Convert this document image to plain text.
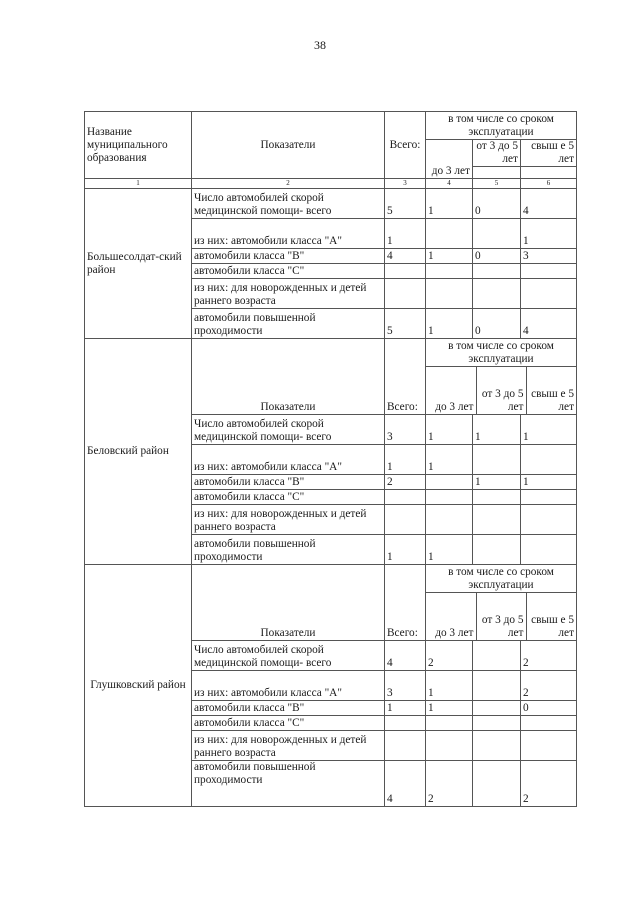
38
Название муниципального образования	Показатели	Всего:	в том числе со сроком эксплуатации
до 3 лет	от 3 до 5 лет	свыш е 5 лет

1	2	3	4	5	6
Большесолдат-ский район	Число автомобилей скорой медицинской помощи- всего	5	1	0	4
из них: автомобили класса "А"	1			1
автомобили класса "В"	4	1	0	3
автомобили класса "С"				
из них: для новорожденных и детей раннего возраста				
автомобили повышенной проходимости	5	1	0	4

Беловский район	Показатели	Всего:	
в том числе со сроком эксплуатации
до 3 лет	от 3 до 5 лет	свыш е 5 лет

Число автомобилей скорой медицинской помощи- всего	3	1	1	1
из них: автомобили класса "А"	1	1		
автомобили класса "В"	2		1	1
автомобили класса "С"				
из них: для новорожденных и детей раннего возраста				
автомобили повышенной проходимости	1	1		
Глушковский район	Показатели	Всего:	
в том числе со сроком эксплуатации
до 3 лет	от 3 до 5 лет	свыш е 5 лет

Число автомобилей скорой медицинской помощи- всего	4	2		2
из них: автомобили класса "А"	3	1		2
автомобили класса "В"	1	1		0
автомобили класса "С"				
из них: для новорожденных и детей раннего возраста				
автомобили повышенной проходимости	4	2		2
